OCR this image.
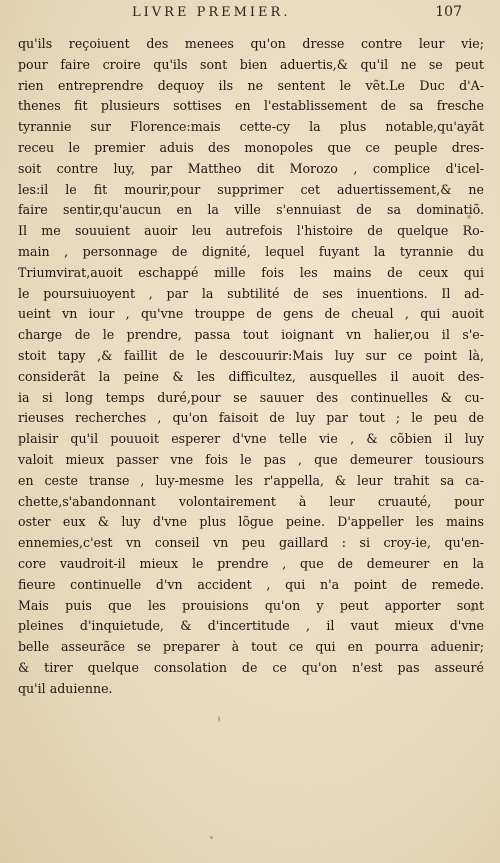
LIVRE PREMIER.	107
qu'ils reçoiuent des menees qu'on dresse contre leur vie;
pour faire croire qu'ils sont bien aduertis,& qu'il ne se peut
rien entreprendre dequoy ils ne sentent le vẽt.Le Duc d'A-
thenes fit plusieurs sottises en l'establissement de sa fresche
tyrannie sur Florence:mais cette-cy la plus notable,qu'ayãt
receu le premier aduis des monopoles que ce peuple dres-
soit contre luy, par Mattheo dit Morozo , complice d'icel-
les:il le fit mourir,pour supprimer cet aduertissement,& ne
faire sentir,qu'aucun en la ville s'ennuiast de sa dominatiõ.
Il me souuient auoir leu autrefois l'histoire de quelque Ro-
main , personnage de dignité, lequel fuyant la tyrannie du
Triumvirat,auoit eschappé mille fois les mains de ceux qui
le poursuiuoyent , par la subtilité de ses inuentions. Il ad-
ueint vn iour , qu'vne trouppe de gens de cheual , qui auoit
charge de le prendre, passa tout ioignant vn halier,ou il s'e-
stoit tapy ,& faillit de le descouurir:Mais luy sur ce point là,
considerãt la peine & les difficultez, ausquelles il auoit des-
ia si long temps duré,pour se sauuer des continuelles & cu-
rieuses recherches , qu'on faisoit de luy par tout ; le peu de
plaisir qu'il pouuoit esperer d'vne telle vie , & cõbien il luy
valoit mieux passer vne fois le pas , que demeurer tousiours
en ceste transe , luy-mesme les r'appella, & leur trahit sa ca-
chette,s'abandonnant volontairement à leur cruauté, pour
oster eux & luy d'vne plus lõgue peine. D'appeller les mains
ennemies,c'est vn conseil vn peu gaillard : si croy-ie, qu'en-
core vaudroit-il mieux le prendre , que de demeurer en la
fieure continuelle d'vn accident , qui n'a point de remede.
Mais puis que les prouisions qu'on y peut apporter sont
pleines d'inquietude, & d'incertitude , il vaut mieux d'vne
belle asseurãce se preparer à tout ce qui en pourra aduenir;
& tirer quelque consolation de ce qu'on n'est pas asseuré
qu'il aduienne.
